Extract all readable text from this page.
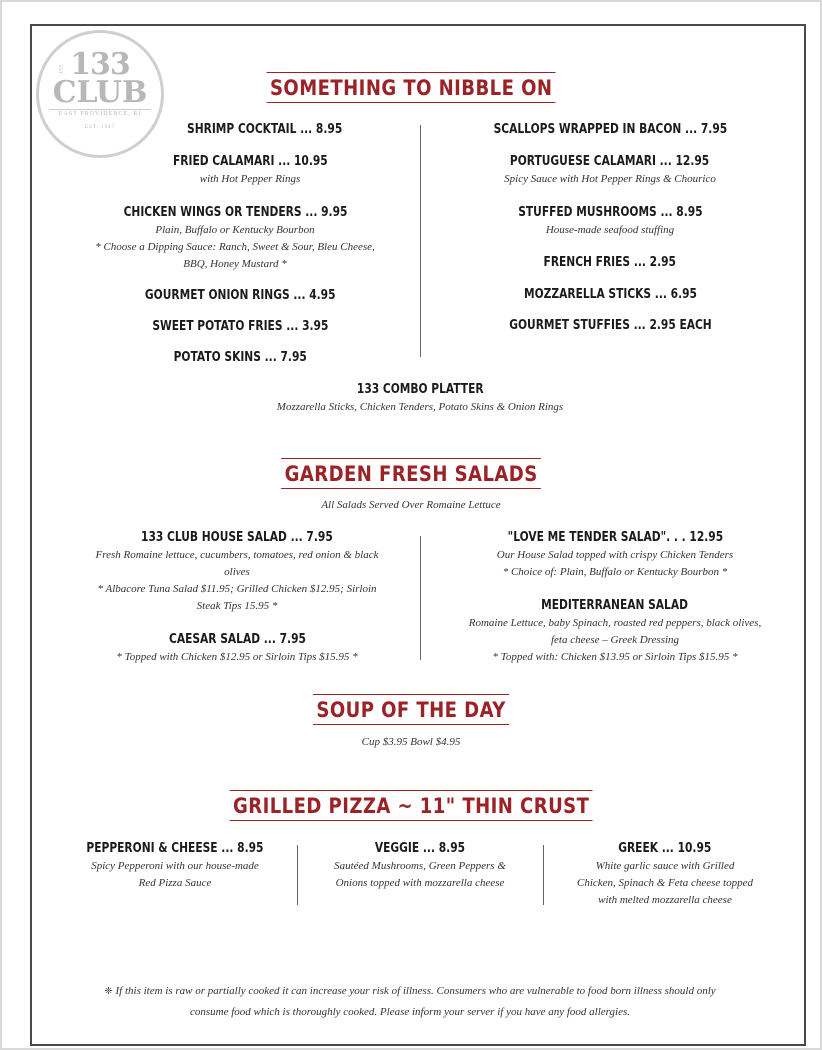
EST 133
CLUB
EAST PROVIDENCE, RI
EST. 1947
SOMETHING TO NIBBLE ON
SHRIMP COCKTAIL ... 8.95
FRIED CALAMARI ... 10.95
with Hot Pepper Rings
CHICKEN WINGS OR TENDERS ... 9.95
Plain, Buffalo or Kentucky Bourbon
* Choose a Dipping Sauce: Ranch, Sweet & Sour, Bleu Cheese,
BBQ, Honey Mustard *
GOURMET ONION RINGS ... 4.95
SWEET POTATO FRIES ... 3.95
POTATO SKINS ... 7.95
SCALLOPS WRAPPED IN BACON ... 7.95
PORTUGUESE CALAMARI ... 12.95
Spicy Sauce with Hot Pepper Rings & Chourico
STUFFED MUSHROOMS ... 8.95
House-made seafood stuffing
FRENCH FRIES ... 2.95
MOZZARELLA STICKS ... 6.95
GOURMET STUFFIES ... 2.95 EACH
133 COMBO PLATTER
Mozzarella Sticks, Chicken Tenders, Potato Skins & Onion Rings
GARDEN FRESH SALADS
All Salads Served Over Romaine Lettuce
133 CLUB HOUSE SALAD ... 7.95
Fresh Romaine lettuce, cucumbers, tomatoes, red onion & black
olives
* Albacore Tuna Salad $11.95; Grilled Chicken $12.95; Sirloin
Steak Tips 15.95 *
CAESAR SALAD ... 7.95
* Topped with Chicken $12.95 or Sirloin Tips $15.95 *
"LOVE ME TENDER SALAD". . . 12.95
Our House Salad topped with crispy Chicken Tenders
* Choice of: Plain, Buffalo or Kentucky Bourbon *
MEDITERRANEAN SALAD
Romaine Lettuce, baby Spinach, roasted red peppers, black olives,
feta cheese – Greek Dressing
* Topped with: Chicken $13.95 or Sirloin Tips $15.95 *
SOUP OF THE DAY
Cup $3.95 Bowl $4.95
GRILLED PIZZA ~ 11" THIN CRUST
PEPPERONI & CHEESE ... 8.95
Spicy Pepperoni with our house-made
Red Pizza Sauce
VEGGIE ... 8.95
Sautéed Mushrooms, Green Peppers &
Onions topped with mozzarella cheese
GREEK ... 10.95
White garlic sauce with Grilled
Chicken, Spinach & Feta cheese topped
with melted mozzarella cheese
❈ If this item is raw or partially cooked it can increase your risk of illness. Consumers who are vulnerable to food born illness should only
consume food which is thoroughly cooked. Please inform your server if you have any food allergies.
